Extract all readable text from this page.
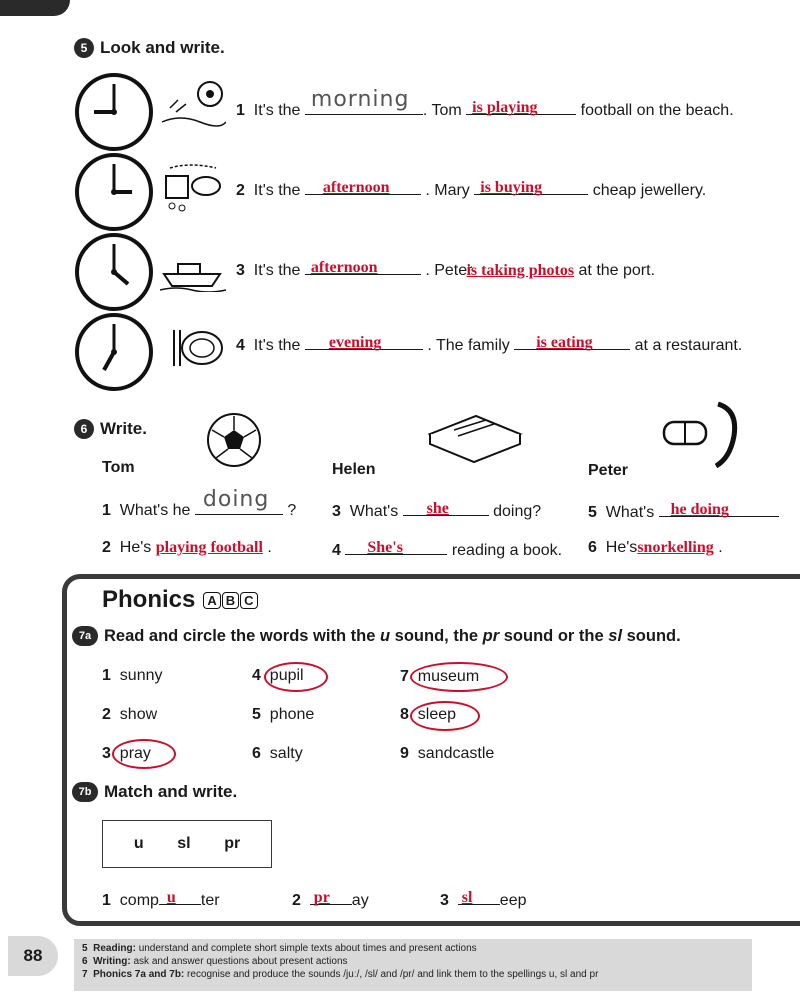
5 Look and write.
1 It's the morning . Tom is playing	football on the beach.
2 It's the afternoon . Mary is buying	cheap jewellery.
3 It's the afternoon	. Peteris taking photos at the port.
4 It's the evening	. The family is eating	at a restaurant.
6 Write.
Tom	Helen	Peter
1 What's he doing ? 3 What's she	doing?	5 What's he doing
2 He's playing football .	4 She's	reading a book. 6 He'ssnorkelling .
Phonics A B C
7a Read and circle the words with the u sound, the pr sound or the sl sound.
1 sunny
2 show
3 pray
4 pupil
5 phone
6 salty
7 museum
8 sleep
9 sandcastle
7b Match and write.
u sl pr
1 comp u ter	2 pr ay	3 sl eep
88	5 Reading: understand and complete short simple texts about times and present actions
6 Writing: ask and answer questions about present actions
7 Phonics 7a and 7b: recognise and produce the sounds /juː/, /sl/ and /pr/ and link them to the spellings u, sl and pr
